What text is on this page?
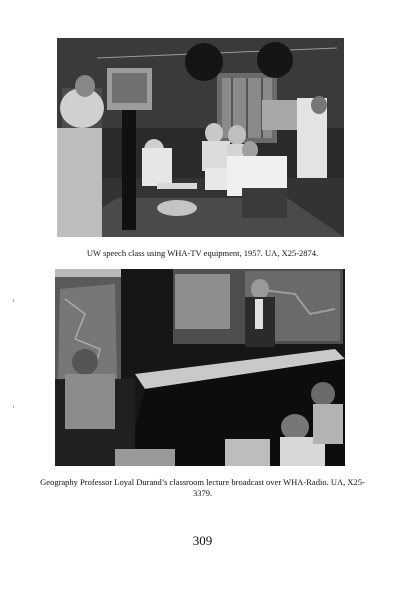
UW speech class using WHA-TV equipment, 1957. UA, X25-2874.
Geography Professor Loyal Durand’s classroom lecture broadcast over WHA-Radio. UA, X25-3379.
309
